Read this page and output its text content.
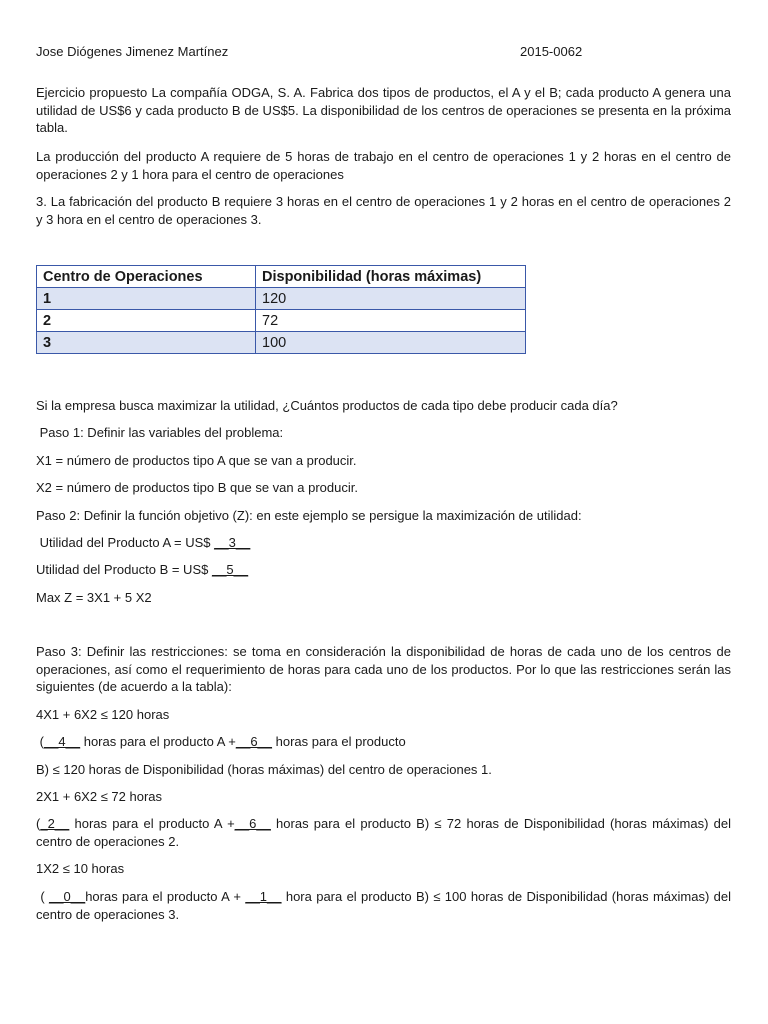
Jose Diógenes Jimenez Martínez	2015-0062

Ejercicio propuesto La compañía ODGA, S. A. Fabrica dos tipos de productos, el A y el B; cada producto A genera una utilidad de US$6 y cada producto B de US$5. La disponibilidad de los centros de operaciones se presenta en la próxima tabla.

La producción del producto A requiere de 5 horas de trabajo en el centro de operaciones 1 y 2 horas en el centro de operaciones 2 y 1 hora para el centro de operaciones

3. La fabricación del producto B requiere 3 horas en el centro de operaciones 1 y 2 horas en el centro de operaciones 2 y 3 hora en el centro de operaciones 3.

Centro de Operaciones	Disponibilidad (horas máximas)
1	120
2	72
3	100

Si la empresa busca maximizar la utilidad, ¿Cuántos productos de cada tipo debe producir cada día?

Paso 1: Definir las variables del problema:

X1 = número de productos tipo A que se van a producir.

X2 = número de productos tipo B que se van a producir.

Paso 2: Definir la función objetivo (Z): en este ejemplo se persigue la maximización de utilidad:

Utilidad del Producto A = US$ __3__

Utilidad del Producto B = US$ __5__

Max Z = 3X1 + 5 X2

Paso 3: Definir las restricciones: se toma en consideración la disponibilidad de horas de cada uno de los centros de operaciones, así como el requerimiento de horas para cada uno de los productos. Por lo que las restricciones serán las siguientes (de acuerdo a la tabla):

4X1 + 6X2 ≤ 120 horas

(__4__ horas para el producto A +__6__ horas para el producto

B) ≤ 120 horas de Disponibilidad (horas máximas) del centro de operaciones 1.

2X1 + 6X2 ≤ 72 horas

(_2__ horas para el producto A +__6__ horas para el producto B) ≤ 72 horas de Disponibilidad (horas máximas) del centro de operaciones 2.

1X2 ≤ 10 horas

( __0__horas para el producto A + __1__ hora para el producto B) ≤ 100 horas de Disponibilidad (horas máximas) del centro de operaciones 3.
